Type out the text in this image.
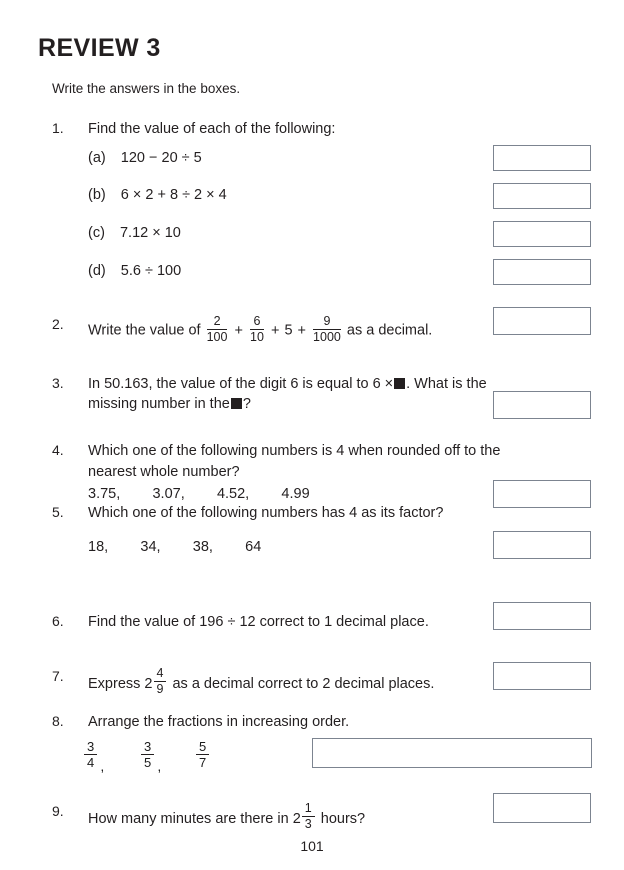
REVIEW 3
Write the answers in the boxes.
1. Find the value of each of the following:
(a) 120 − 20 ÷ 5
(b) 6 × 2 + 8 ÷ 2 × 4
(c) 7.12 × 10
(d) 5.6 ÷ 100
2. Write the value of $\frac{2}{100} + \frac{6}{10} + 5 + \frac{9}{1000}$ as a decimal.
3. In 50.163, the value of the digit 6 is equal to 6 × . What is the
missing number in the ?
4. Which one of the following numbers is 4 when rounded off to the nearest whole number?
3.75,        3.07,        4.52,        4.99
5. Which one of the following numbers has 4 as its factor?
18,        34,        38,        64
6. Find the value of 196 ÷ 12 correct to 1 decimal place.
7. Express $2 \frac{4}{9}$ as a decimal correct to 2 decimal places.
8. Arrange the fractions in increasing order.
3
4 ,
3
5 ,	$\frac{5}{7}$
9. How many minutes are there in $2 \frac{1}{3}$ hours?
101
